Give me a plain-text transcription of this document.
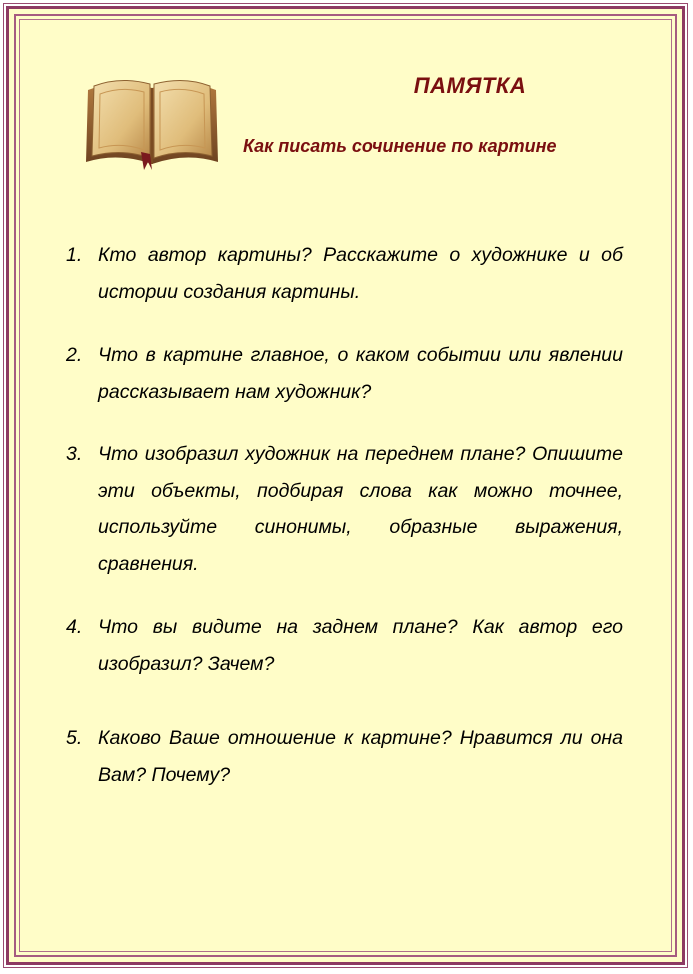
ПАМЯТКА
Как писать сочинение по картине
1. Кто автор картины? Расскажите о художнике и об истории создания картины.
2. Что в картине главное, о каком событии или явлении рассказывает нам художник?
3. Что изобразил художник на переднем плане? Опишите эти объекты, подбирая слова как можно точнее, используйте синонимы, образные выражения, сравнения.
4. Что вы видите на заднем плане? Как автор его изобразил? Зачем?
5. Каково Ваше отношение к картине? Нравится ли она Вам? Почему?
